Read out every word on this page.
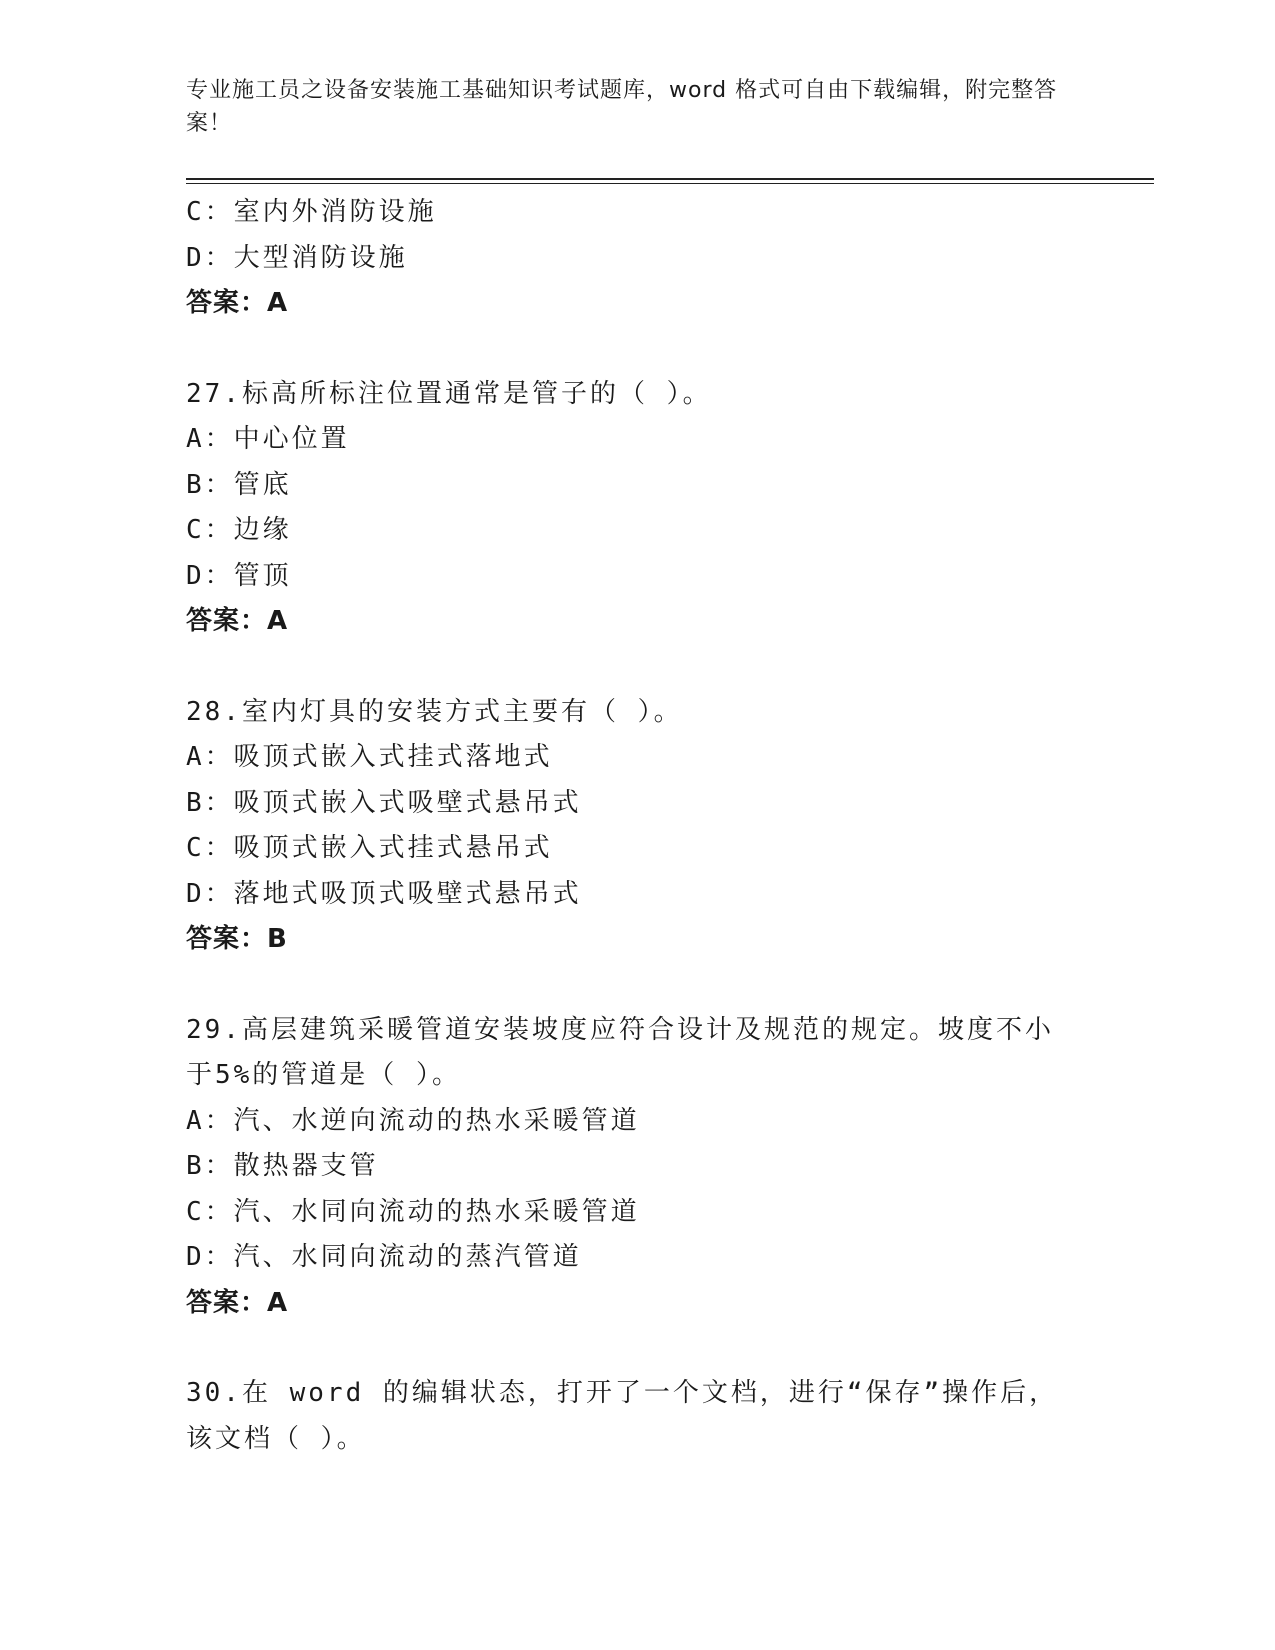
专业施工员之设备安装施工基础知识考试题库，word 格式可自由下载编辑，附完整答案！
C：室内外消防设施
D：大型消防设施
答案：A
27.标高所标注位置通常是管子的（ ）。
A：中心位置
B：管底
C：边缘
D：管顶
答案：A
28.室内灯具的安装方式主要有（ ）。
A：吸顶式嵌入式挂式落地式
B：吸顶式嵌入式吸壁式悬吊式
C：吸顶式嵌入式挂式悬吊式
D：落地式吸顶式吸壁式悬吊式
答案：B
29.高层建筑采暖管道安装坡度应符合设计及规范的规定。坡度不小于5%的管道是（ ）。
A：汽、水逆向流动的热水采暖管道
B：散热器支管
C：汽、水同向流动的热水采暖管道
D：汽、水同向流动的蒸汽管道
答案：A
30.在 word 的编辑状态，打开了一个文档，进行“保存”操作后，该文档（ ）。
